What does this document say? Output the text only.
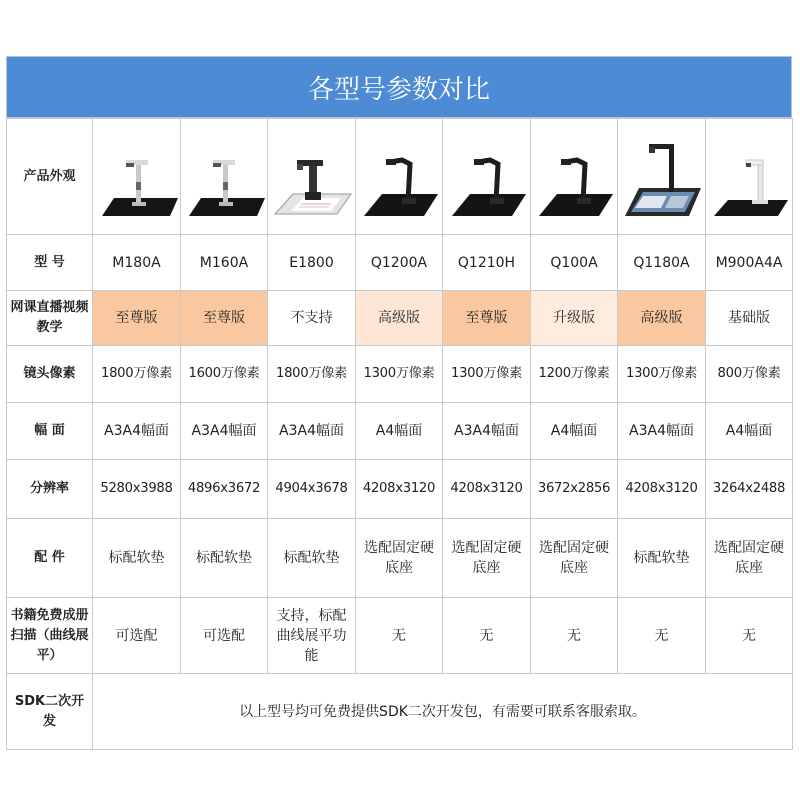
各型号参数对比
产品外观	

型 号	M180A	M160A	E1800	Q1200A	Q1210H	Q100A	Q1180A	M900A4A
网课直播视频教学	至尊版	至尊版	不支持	高级版	至尊版	升级版	高级版	基础版
镜头像素	1800万像素	1600万像素	1800万像素	1300万像素	1300万像素	1200万像素	1300万像素	800万像素
幅 面	A3A4幅面	A3A4幅面	A3A4幅面	A4幅面	A3A4幅面	A4幅面	A3A4幅面	A4幅面
分辨率	5280x3988	4896x3672	4904x3678	4208x3120	4208x3120	3672x2856	4208x3120	3264x2488
配 件	标配软垫	标配软垫	标配软垫	选配固定硬底座	选配固定硬底座	选配固定硬底座	标配软垫	选配固定硬底座
书籍免费成册扫描（曲线展平）	可选配	可选配	支持，标配曲线展平功能	无	无	无	无	无
SDK二次开发	以上型号均可免费提供SDK二次开发包，有需要可联系客服索取。							
